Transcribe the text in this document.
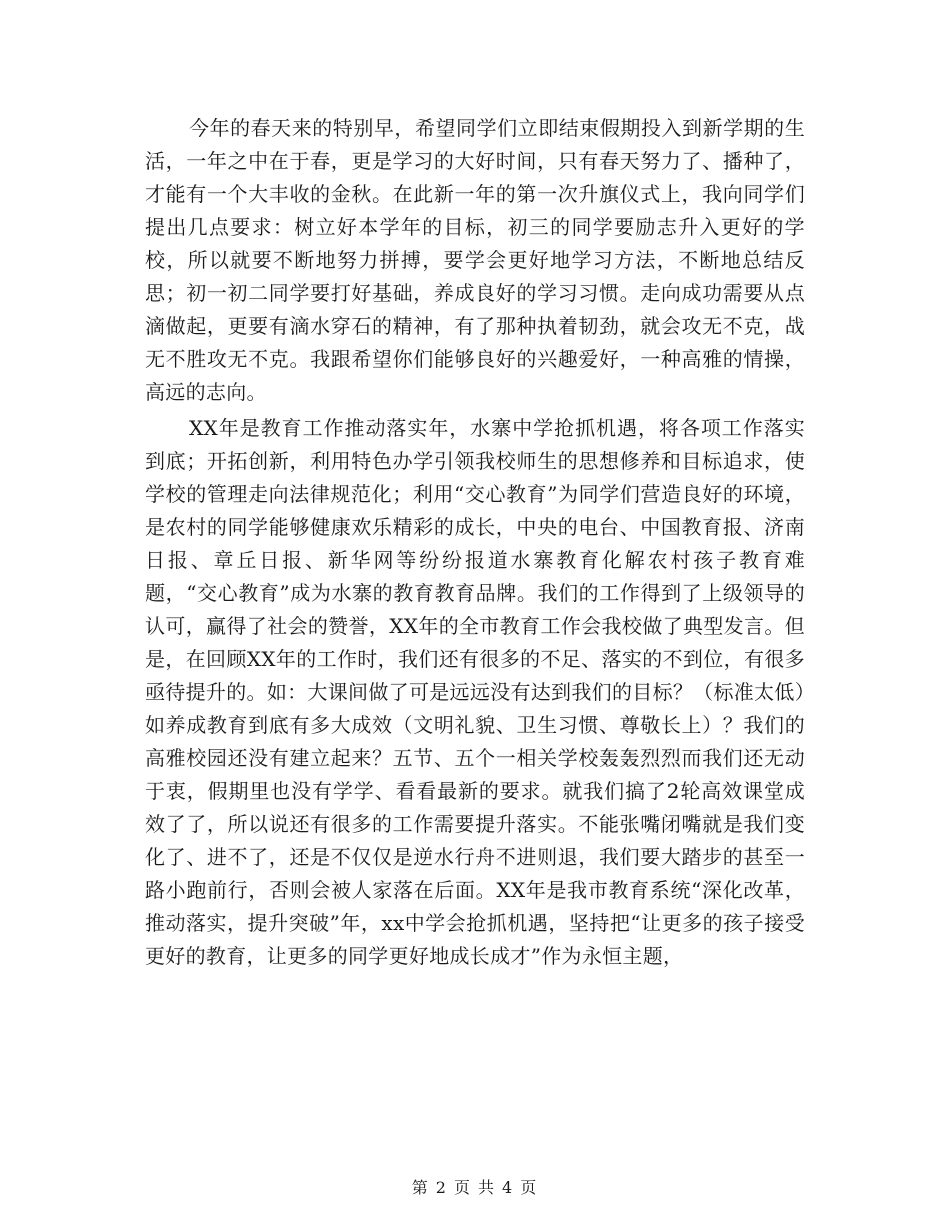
今年的春天来的特别早，希望同学们立即结束假期投入到新学期的生活，一年之中在于春，更是学习的大好时间，只有春天努力了、播种了，才能有一个大丰收的金秋。在此新一年的第一次升旗仪式上，我向同学们提出几点要求：树立好本学年的目标，初三的同学要励志升入更好的学校，所以就要不断地努力拼搏，要学会更好地学习方法，不断地总结反思；初一初二同学要打好基础，养成良好的学习习惯。走向成功需要从点滴做起，更要有滴水穿石的精神，有了那种执着韧劲，就会攻无不克，战无不胜攻无不克。我跟希望你们能够良好的兴趣爱好，一种高雅的情操，高远的志向。

XX年是教育工作推动落实年，水寨中学抢抓机遇，将各项工作落实到底；开拓创新，利用特色办学引领我校师生的思想修养和目标追求，使学校的管理走向法律规范化；利用“交心教育”为同学们营造良好的环境，是农村的同学能够健康欢乐精彩的成长，中央的电台、中国教育报、济南日报、章丘日报、新华网等纷纷报道水寨教育化解农村孩子教育难题，“交心教育”成为水寨的教育教育品牌。我们的工作得到了上级领导的认可，赢得了社会的赞誉，XX年的全市教育工作会我校做了典型发言。但是，在回顾XX年的工作时，我们还有很多的不足、落实的不到位，有很多亟待提升的。如：大课间做了可是远远没有达到我们的目标？（标准太低）如养成教育到底有多大成效（文明礼貌、卫生习惯、尊敬长上）？我们的高雅校园还没有建立起来？五节、五个一相关学校轰轰烈烈而我们还无动于衷，假期里也没有学学、看看最新的要求。就我们搞了2轮高效课堂成效了了，所以说还有很多的工作需要提升落实。不能张嘴闭嘴就是我们变化了、进不了，还是不仅仅是逆水行舟不进则退，我们要大踏步的甚至一路小跑前行，否则会被人家落在后面。XX年是我市教育系统“深化改革，推动落实，提升突破”年，xx中学会抢抓机遇，坚持把“让更多的孩子接受更好的教育，让更多的同学更好地成长成才”作为永恒主题，

第 2 页 共 4 页
